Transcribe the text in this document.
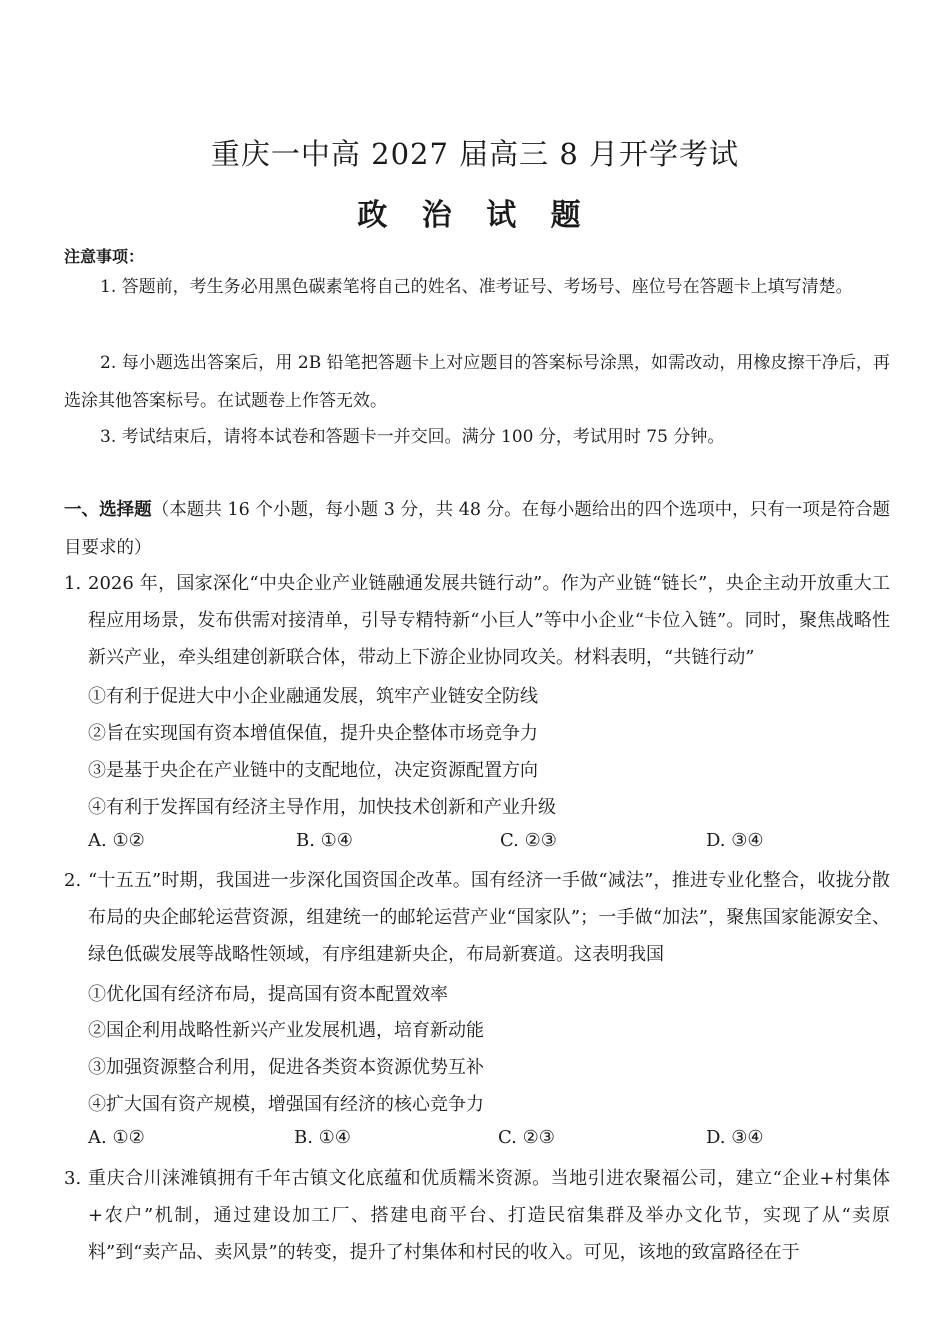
重庆一中高 2027 届高三 8 月开学考试
政 治 试 题
注意事项：
1. 答题前，考生务必用黑色碳素笔将自己的姓名、准考证号、考场号、座位号在答题卡上填写清楚。
2. 每小题选出答案后，用 2B 铅笔把答题卡上对应题目的答案标号涂黑，如需改动，用橡皮擦干净后，再选涂其他答案标号。在试题卷上作答无效。
3. 考试结束后，请将本试卷和答题卡一并交回。满分 100 分，考试用时 75 分钟。
一、选择题（本题共 16 个小题，每小题 3 分，共 48 分。在每小题给出的四个选项中，只有一项是符合题目要求的）
1. 2026 年，国家深化“中央企业产业链融通发展共链行动”。作为产业链“链长”，央企主动开放重大工程应用场景，发布供需对接清单，引导专精特新“小巨人”等中小企业“卡位入链”。同时，聚焦战略性新兴产业，牵头组建创新联合体，带动上下游企业协同攻关。材料表明，“共链行动”
①有利于促进大中小企业融通发展，筑牢产业链安全防线
②旨在实现国有资本增值保值，提升央企整体市场竞争力
③是基于央企在产业链中的支配地位，决定资源配置方向
④有利于发挥国有经济主导作用，加快技术创新和产业升级
A. ①②	B. ①④	C. ②③	D. ③④
2. “十五五”时期，我国进一步深化国资国企改革。国有经济一手做“减法”，推进专业化整合，收拢分散布局的央企邮轮运营资源，组建统一的邮轮运营产业“国家队”；一手做“加法”，聚焦国家能源安全、绿色低碳发展等战略性领域，有序组建新央企，布局新赛道。这表明我国
①优化国有经济布局，提高国有资本配置效率
②国企利用战略性新兴产业发展机遇，培育新动能
③加强资源整合利用，促进各类资本资源优势互补
④扩大国有资产规模，增强国有经济的核心竞争力
A. ①②	B. ①④	C. ②③	D. ③④
3. 重庆合川涞滩镇拥有千年古镇文化底蕴和优质糯米资源。当地引进农聚福公司，建立“企业+村集体+农户”机制，通过建设加工厂、搭建电商平台、打造民宿集群及举办文化节，实现了从“卖原料”到“卖产品、卖风景”的转变，提升了村集体和村民的收入。可见，该地的致富路径在于
